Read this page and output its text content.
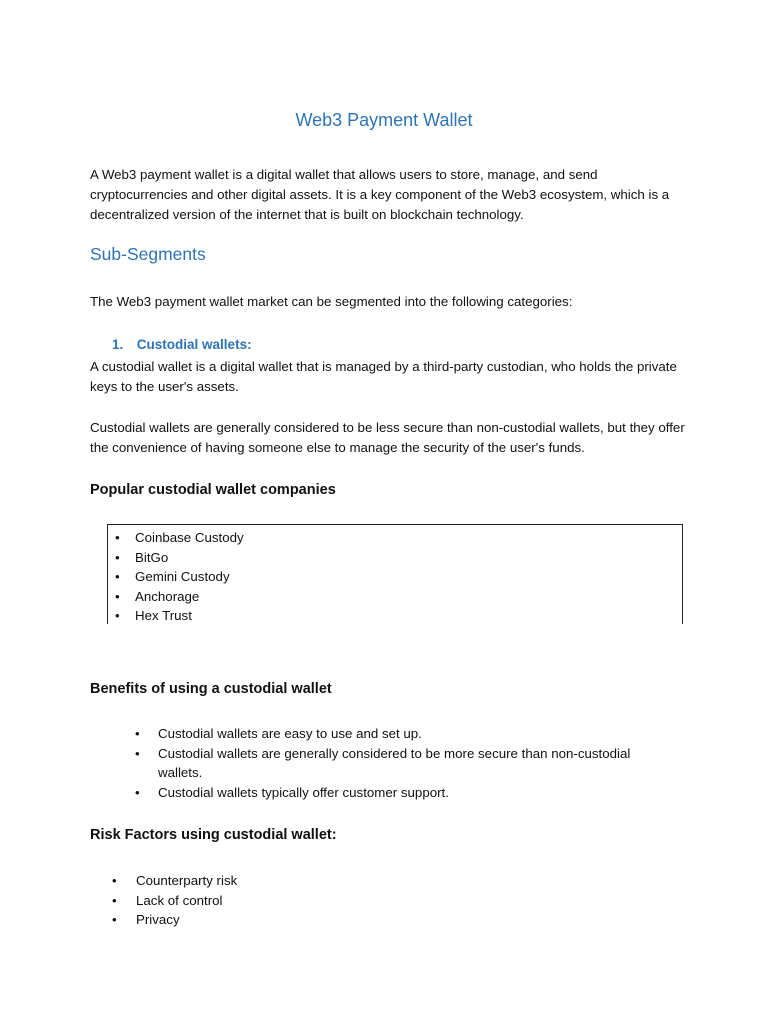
Web3 Payment Wallet

A Web3 payment wallet is a digital wallet that allows users to store, manage, and send cryptocurrencies and other digital assets. It is a key component of the Web3 ecosystem, which is a decentralized version of the internet that is built on blockchain technology.

Sub-Segments

The Web3 payment wallet market can be segmented into the following categories:

1. Custodial wallets:

A custodial wallet is a digital wallet that is managed by a third-party custodian, who holds the private keys to the user's assets.

Custodial wallets are generally considered to be less secure than non-custodial wallets, but they offer the convenience of having someone else to manage the security of the user's funds.

Popular custodial wallet companies
• Coinbase Custody
• BitGo
• Gemini Custody
• Anchorage
• Hex Trust
Benefits of using a custodial wallet
• Custodial wallets are easy to use and set up.
• Custodial wallets are generally considered to be more secure than non-custodial wallets.
• Custodial wallets typically offer customer support.
Risk Factors using custodial wallet:
• Counterparty risk
• Lack of control
• Privacy
